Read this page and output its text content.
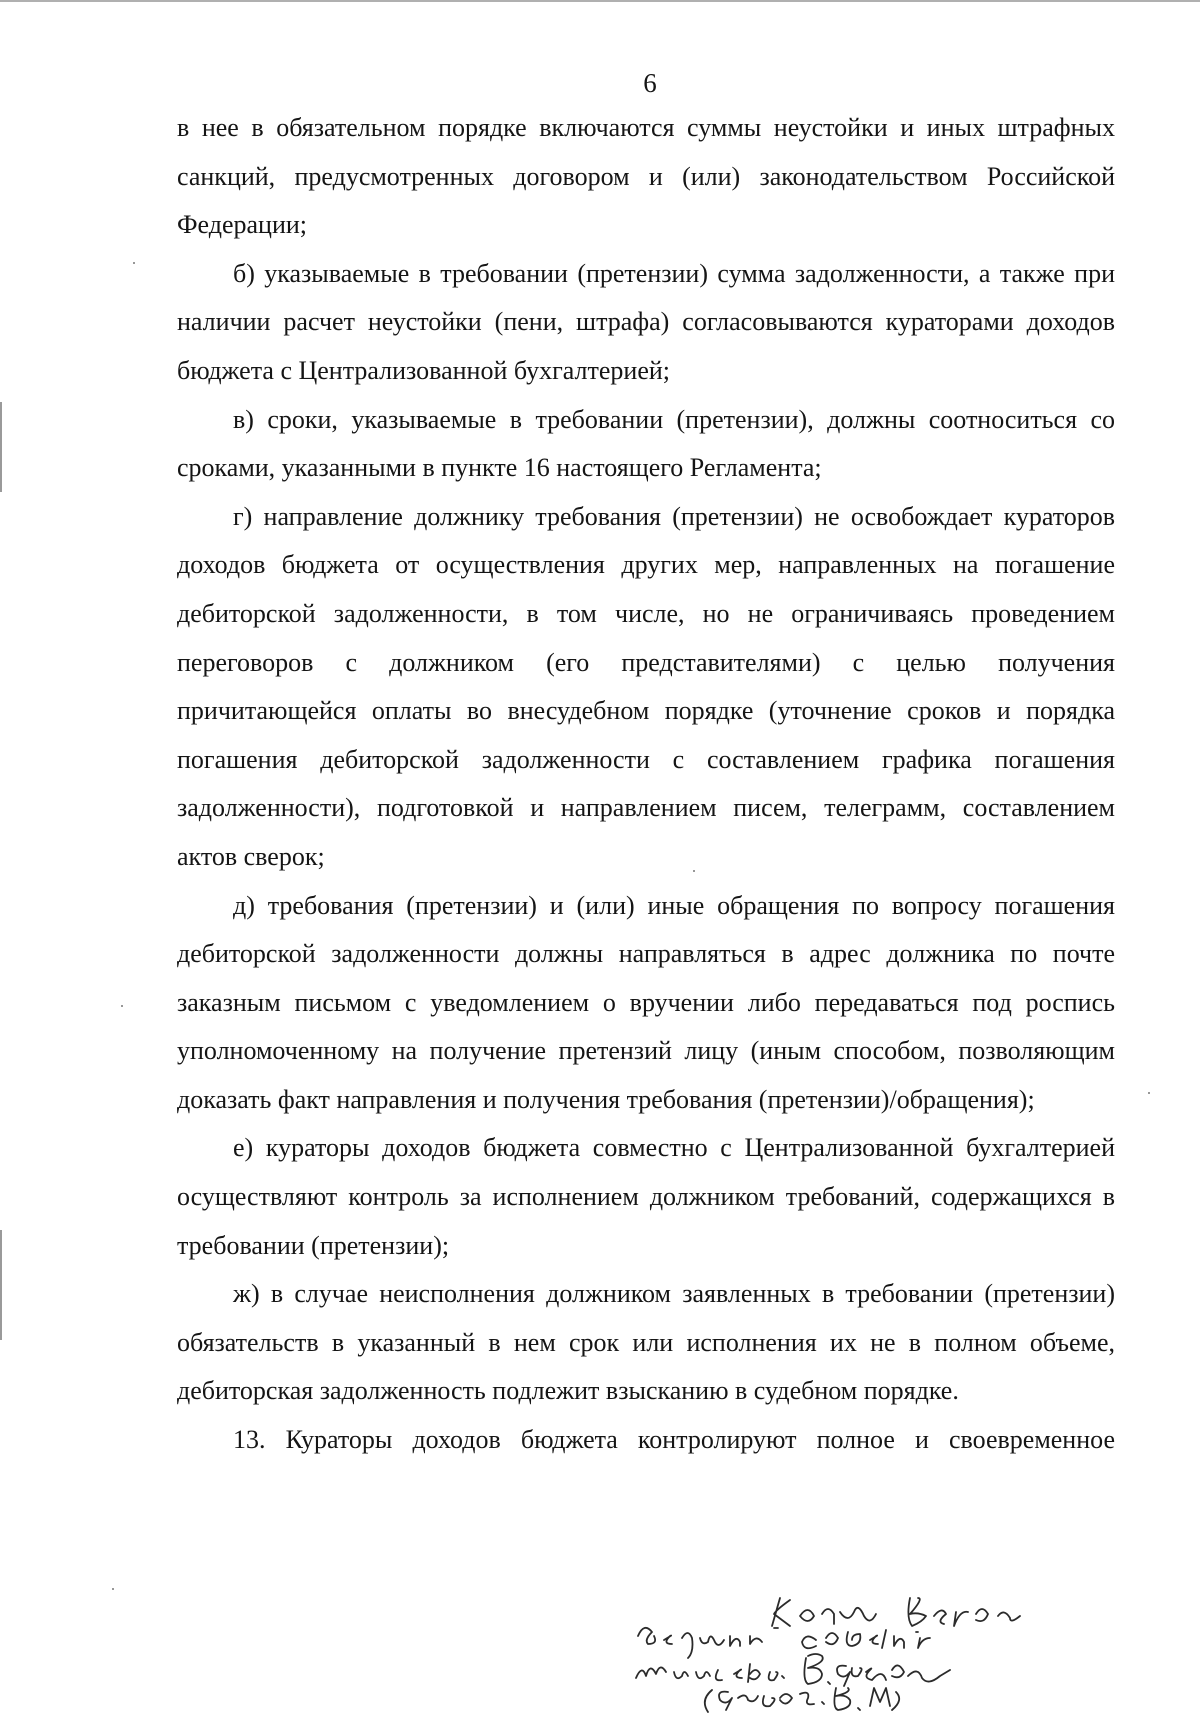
6

в нее в обязательном порядке включаются суммы неустойки и иных штрафных санкций, предусмотренных договором и (или) законодательством Российской Федерации;

б) указываемые в требовании (претензии) сумма задолженности, а также при наличии расчет неустойки (пени, штрафа) согласовываются кураторами доходов бюджета с Централизованной бухгалтерией;

в) сроки, указываемые в требовании (претензии), должны соотноситься со сроками, указанными в пункте 16 настоящего Регламента;

г) направление должнику требования (претензии) не освобождает кураторов доходов бюджета от осуществления других мер, направленных на погашение дебиторской задолженности, в том числе, но не ограничиваясь проведением переговоров с должником (его представителями) с целью получения причитающейся оплаты во внесудебном порядке (уточнение сроков и порядка погашения дебиторской задолженности с составлением графика погашения задолженности), подготовкой и направлением писем, телеграмм, составлением актов сверок;

д) требования (претензии) и (или) иные обращения по вопросу погашения дебиторской задолженности должны направляться в адрес должника по почте заказным письмом с уведомлением о вручении либо передаваться под роспись уполномоченному на получение претензий лицу (иным способом, позволяющим доказать факт направления и получения требования (претензии)/обращения);

е) кураторы доходов бюджета совместно с Централизованной бухгалтерией осуществляют контроль за исполнением должником требований, содержащихся в требовании (претензии);

ж) в случае неисполнения должником заявленных в требовании (претензии) обязательств в указанный в нем срок или исполнения их не в полном объеме, дебиторская задолженность подлежит взысканию в судебном порядке.

13. Кураторы доходов бюджета контролируют полное и своевременное
